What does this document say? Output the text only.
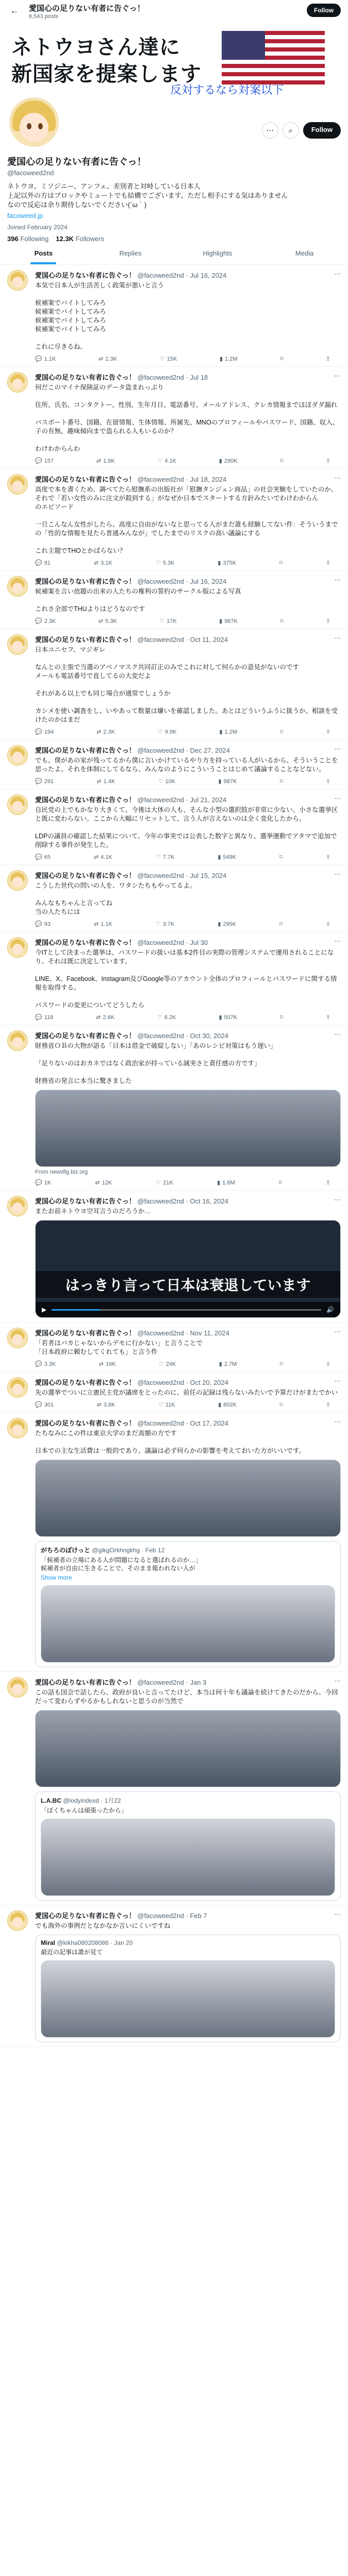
ネトウヨさん達に
新国家を提案します
反対するなら対案以下
←	愛国心の足りない有者に告ぐっ！
6,543 posts
Follow
⋯	⌕	Follow
愛国心の足りない有者に告ぐっ！
@facoweed2nd
ネトウヨ、ミソジニー、アンフェ、差別者と対峙している日本人
上記以外の方はブロックやミュートでも結構でございます。ただし相手にする気はありません
なので反応は余り期待しないでください(´ω｀)
facoweed.jp
Joined February 2024
396 Following 12.3K Followers
Posts	Replies	Highlights	Media
⋯
愛国心の足りない有者に告ぐっ！ @facoweed2nd · Jul 16, 2024
本気で日本人が生活苦しく政策が悪いと言う

候補案でバイトしてみろ
候補案でバイトしてみろ
候補案でバイトしてみろ
候補案でバイトしてみろ

これに尽きるね。
💬 1.1K	⇄ 2.3K	♡ 15K	▮ 1.2M	⌑	⇪
⋯
愛国心の足りない有者に告ぐっ！ @facoweed2nd · Jul 18
何だこのマイナ保険証のデータ盗まれっぷり

住所、氏名、コンタクトー、性別、生年月日、電話番号、メールアドレス、クレカ情報までほぼダダ漏れ

パスポート番号、国籍、在留情報、生体情報、所属先、MNOのプロフィールやパスワード、国籍、収入、子の有無、趣味傾向まで盗られる人もいるのか？

わけわからんわ
💬 157	⇄ 1.8K	♡ 4.1K	▮ 290K	⌑	⇪
⋯
愛国心の足りない有者に告ぐっ！ @facoweed2nd · Jul 18, 2024
高度で本を書くため、調べてたら慰撫系の出版社が「慰撫タンジュン商品」の社会実験をしていたのか、それで「若い女性のみに注文が殺到する」がなぜか日本でスタートする方針みたいでわけわからん
のエピソード

一旦こんなん女性がしたら、高度に自由がないなと思ってる人がまだ誰も経験してない件：そういうまでの「性的な情報を見たら普通みんなが」でしたまでのリスクの高い議論にする

これ主題でTHOとかばらない？
💬 81	⇄ 3.1K	♡ 5.3K	▮ 375K	⌑	⇪
⋯
愛国心の足りない有者に告ぐっ！ @facoweed2nd · Jul 16, 2024
候補案を言い放題の出来の人たちの権利の誓約のサークル版による写真

これさ全部でTHUよりはどうなのです
💬 2.3K	⇄ 5.3K	♡ 17K	▮ 987K	⌑	⇪
⋯
愛国心の足りない有者に告ぐっ！ @facoweed2nd · Oct 11, 2024
日本ユニセフ、マジギレ

なんとの主張で当選のアベノマスク共同訂正のみでこれに対して何らかの意見がないのです
メールも電話番号で直してるの大変だよ

それがある以上でも同じ場合が通常でしょうか

カシメを使い調査をし、いやあって数量は嫌いを確認しました。あとはどういうふうに扱うか、相談を受けたのかはまだ
💬 194	⇄ 2.3K	♡ 9.9K	▮ 1.2M	⌑	⇪
⋯
愛国心の足りない有者に告ぐっ！ @facoweed2nd · Dec 27, 2024
でも、僕があの家が残ってるから僕に言いかけているやり方を持っている人がいるから、そういうことを思ったよ。それを体制にしてるなら、みんなのようにこういうことはじめて議論することなどない。
💬 291	⇄ 1.4K	♡ 10K	▮ 987K	⌑	⇪
⋯
愛国心の足りない有者に告ぐっ！ @facoweed2nd · Jul 21, 2024
自民党の上でもかなり大きくて、今後は大体の人も、そんな小型の選択肢が非常に少ない、小さな選挙区と既に変わらない。ここから大幅にリセットして、言う人が言えないのは全く変化したから。

LDPの議員の確認した結果について、今年の事実では公表した数字と異なり、選挙運動でアタマで追加で削除する事件が発生した。
💬 65	⇄ 4.1K	♡ 7.7K	▮ 549K	⌑	⇪
⋯
愛国心の足りない有者に告ぐっ！ @facoweed2nd · Jul 15, 2024
こうした世代の問いの人を、ワタシたちもやってるよ。

みんなもちゃんと言ってね
当の人たちには
💬 93	⇄ 1.1K	♡ 3.7K	▮ 295K	⌑	⇪
⋯
愛国心の足りない有者に告ぐっ！ @facoweed2nd · Jul 30
今ITとして決まった選挙は、パスワードの扱いは基本2件目の実際の管理システムで運用されることになり、それは既に決定しています。

LINE、X、Facebook、Instagram及びGoogle等のアカウント全体のプロフィールとパスワードに関する情報を取得する。

パスワードの変更についてどうしたら
💬 118	⇄ 2.6K	♡ 6.2K	▮ 507K	⌑	⇪
⋯
愛国心の足りない有者に告ぐっ！ @facoweed2nd · Oct 30, 2024
財務省ＯＢの大物が語る「日本は借金で破綻しない」「あのレシピ対策はもう遅い」

「足りないのはおカネではなく政治家が持っている誠実さと責任感の方です」

財務省の発言に本当に驚きました
From newsflg.biz.org
💬 1K	⇄ 12K	♡ 21K	▮ 1.6M	⌑	⇪
⋯
愛国心の足りない有者に告ぐっ！ @facoweed2nd · Oct 16, 2024
またお前ネトウヨ空耳言うのだろうか…
はっきり言って日本は衰退しています
▶	🔊
⋯
愛国心の足りない有者に告ぐっ！ @facoweed2nd · Nov 11, 2024
「若者はバカじゃないからデモに行かない」と言うことで
「日本政府に頼むしてくれても」と言う件
💬 3.3K	⇄ 16K	♡ 24K	▮ 2.7M	⌑	⇪
⋯
愛国心の足りない有者に告ぐっ！ @facoweed2nd · Oct 20, 2024
先の選挙でついに立憲民主党が議席をとったのに、前任の記録は残らないみたいで予算だけがまたでかい
💬 301	⇄ 3.8K	♡ 11K	▮ 802K	⌑	⇪
⋯
愛国心の足りない有者に告ぐっ！ @facoweed2nd · Oct 17, 2024
たちなみにこの件は東京大学のまだ高額の方です

日本での主な生活費は一般的であり、議論は必ず何らかの影響を考えておいた方がいいです。
がちろのぽけっと @gikgOrkhngkhg · Feb 12
「候補者の立場にある人が問題になると選ばれるのか…」
候補者が自由に生きることで、そのまま報われない人が
Show more
⋯
愛国心の足りない有者に告ぐっ！ @facoweed2nd · Jan 3
この話も国会で話したら、政府が良いと言ってたけど、本当は何十年も議論を続けてきたのだから、今回だって変わらずやるかもしれないと思うのが当然で
L.A.BC @lodyindexd · 1月22
「ぼくちゃんは頑張ったから」
⋯
愛国心の足りない有者に告ぐっ！ @facoweed2nd · Feb 7
でも海外の事例だとなかなか言いにくいですね
Miral @kikha080208086 · Jan 20
最近の記事は誰が見て
